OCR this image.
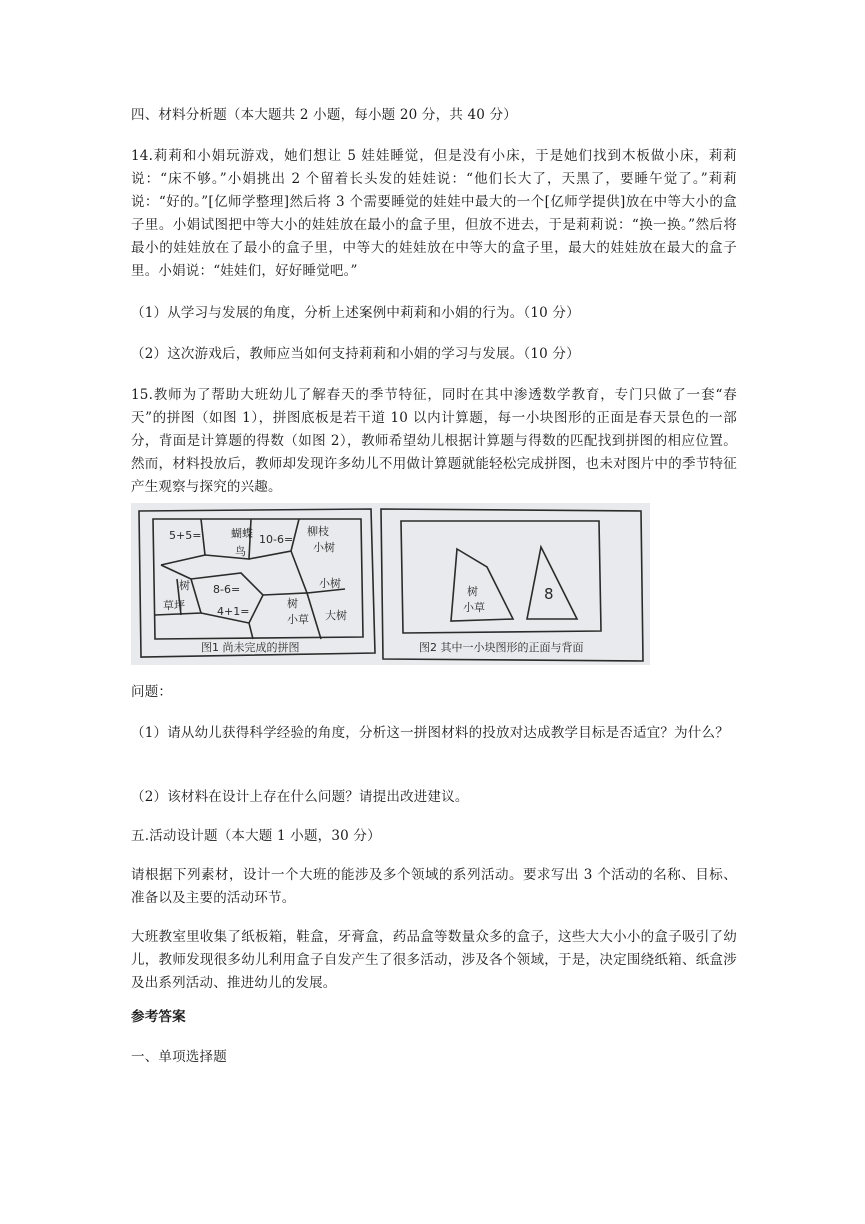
四、材料分析题（本大题共 2 小题，每小题 20 分，共 40 分）

14.莉莉和小娟玩游戏，她们想让 5 娃娃睡觉，但是没有小床，于是她们找到木板做小床，莉莉说：“床不够。”小娟挑出 2 个留着长头发的娃娃说：“他们长大了，天黑了，要睡午觉了。”莉莉说：“好的。”[亿师学整理]然后将 3 个需要睡觉的娃娃中最大的一个[亿师学提供]放在中等大小的盒子里。小娟试图把中等大小的娃娃放在最小的盒子里，但放不进去，于是莉莉说：“换一换。”然后将最小的娃娃放在了最小的盒子里，中等大的娃娃放在中等大的盒子里，最大的娃娃放在最大的盒子里。小娟说：“娃娃们，好好睡觉吧。”

（1）从学习与发展的角度，分析上述案例中莉莉和小娟的行为。（10 分）

（2）这次游戏后，教师应当如何支持莉莉和小娟的学习与发展。（10 分）

15.教师为了帮助大班幼儿了解春天的季节特征，同时在其中渗透数学教育，专门只做了一套“春天”的拼图（如图 1），拼图底板是若干道 10 以内计算题，每一小块图形的正面是春天景色的一部分，背面是计算题的得数（如图 2），教师希望幼儿根据计算题与得数的匹配找到拼图的相应位置。然而，材料投放后，教师却发现许多幼儿不用做计算题就能轻松完成拼图，也未对图片中的季节特征产生观察与探究的兴趣。

5+5=	蝴蝶
鸟
10-6=
柳枝
小树
树 8-6=	小树
草坪	4+1=
树
小草 大树
图1 尚未完成的拼图
树
小草
8
图2 其中一小块图形的正面与背面

问题：

（1）请从幼儿获得科学经验的角度，分析这一拼图材料的投放对达成教学目标是否适宜？为什么？

（2）该材料在设计上存在什么问题？请提出改进建议。

五.活动设计题（本大题 1 小题，30 分）

请根据下列素材，设计一个大班的能涉及多个领域的系列活动。要求写出 3 个活动的名称、目标、准备以及主要的活动环节。

大班教室里收集了纸板箱，鞋盒，牙膏盒，药品盒等数量众多的盒子，这些大大小小的盒子吸引了幼儿，教师发现很多幼儿利用盒子自发产生了很多活动，涉及各个领域，于是，决定围绕纸箱、纸盒涉及出系列活动、推进幼儿的发展。

参考答案

一、单项选择题
